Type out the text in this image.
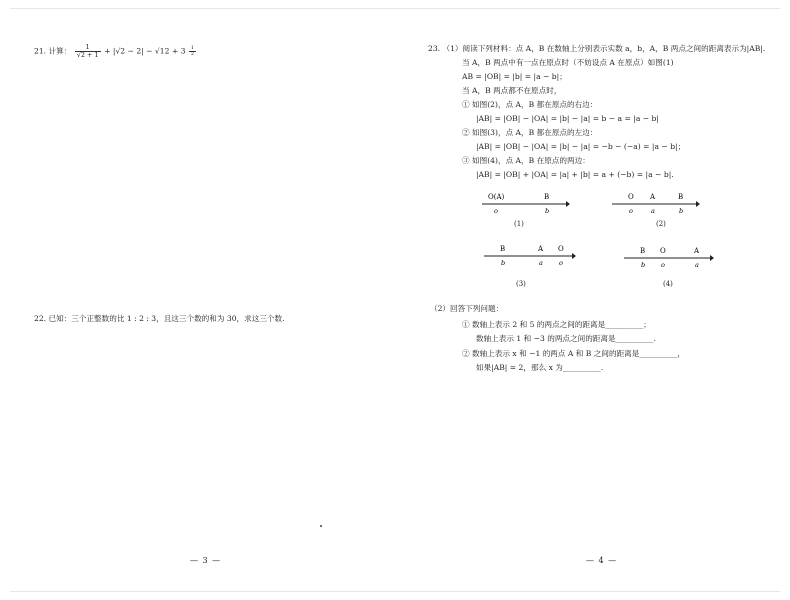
21. 计算： $\frac{1}{√2 + 1} + |√2 - 2| - √12 + 3 \frac{1}{2}$
22. 已知：三个正整数的比 1 : 2 : 3，且这三个数的和为 30，求这三个数.
— 3 —
23. （1）阅读下列材料：点 A，B 在数轴上分别表示实数 a，b，A，B 两点之间的距离表示为|AB|.
当 A，B 两点中有一点在原点时（不妨设点 A 在原点）如图(1)
AB = |OB| = |b| = |a − b|；
当 A，B 两点都不在原点时，
① 如图(2)，点 A，B 都在原点的右边：
|AB| = |OB| − |OA| = |b| − |a| = b − a = |a − b|
② 如图(3)，点 A，B 都在原点的左边：
|AB| = |OB| − |OA| = |b| − |a| = −b − (−a) = |a − b|；
③ 如图(4)，点 A，B 在原点的两边：
|AB| = |OB| + |OA| = |a| + |b| = a + (−b) = |a − b|.
O(A)	B
o	b
(1)
O A	B
o	a	b
(2)
B	A O
b	a o
(3)
B O	A
b o	a
(4)
（2）回答下列问题：
① 数轴上表示 2 和 5 的两点之间的距离是__________；
数轴上表示 1 和 −3 的两点之间的距离是__________.
② 数轴上表示 x 和 −1 的两点 A 和 B 之间的距离是__________，
如果|AB| = 2，那么 x 为__________.
— 4 —
